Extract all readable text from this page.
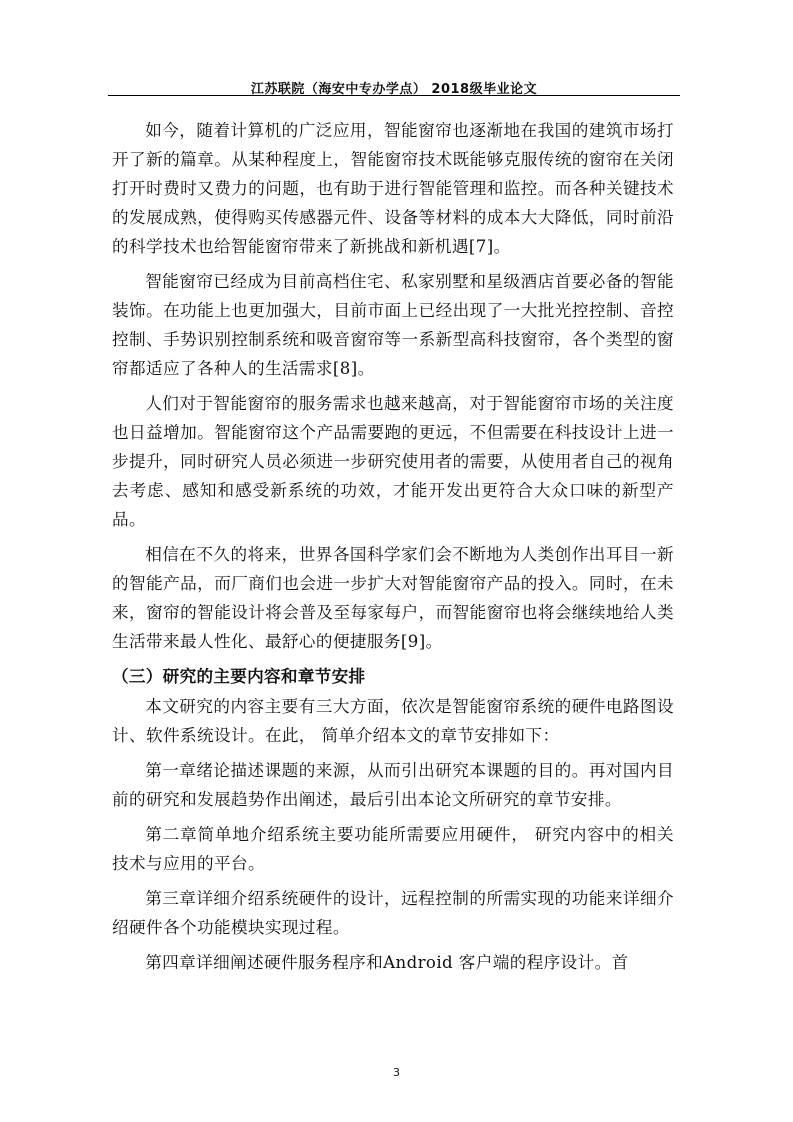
江苏联院（海安中专办学点） 2018级毕业论文

如今，随着计算机的广泛应用，智能窗帘也逐渐地在我国的建筑市场打开了新的篇章。从某种程度上，智能窗帘技术既能够克服传统的窗帘在关闭打开时费时又费力的问题，也有助于进行智能管理和监控。而各种关键技术的发展成熟，使得购买传感器元件、设备等材料的成本大大降低，同时前沿的科学技术也给智能窗帘带来了新挑战和新机遇[7]。

智能窗帘已经成为目前高档住宅、私家别墅和星级酒店首要必备的智能装饰。在功能上也更加强大，目前市面上已经出现了一大批光控控制、音控控制、手势识别控制系统和吸音窗帘等一系新型高科技窗帘，各个类型的窗帘都适应了各种人的生活需求[8]。

人们对于智能窗帘的服务需求也越来越高，对于智能窗帘市场的关注度也日益增加。智能窗帘这个产品需要跑的更远，不但需要在科技设计上进一步提升，同时研究人员必须进一步研究使用者的需要，从使用者自己的视角去考虑、感知和感受新系统的功效，才能开发出更符合大众口味的新型产品。

相信在不久的将来，世界各国科学家们会不断地为人类创作出耳目一新的智能产品，而厂商们也会进一步扩大对智能窗帘产品的投入。同时，在未来，窗帘的智能设计将会普及至每家每户，而智能窗帘也将会继续地给人类生活带来最人性化、最舒心的便捷服务[9]。

（三）研究的主要内容和章节安排

本文研究的内容主要有三大方面，依次是智能窗帘系统的硬件电路图设计、软件系统设计。在此， 简单介绍本文的章节安排如下：

第一章绪论描述课题的来源，从而引出研究本课题的目的。再对国内目前的研究和发展趋势作出阐述，最后引出本论文所研究的章节安排。

第二章简单地介绍系统主要功能所需要应用硬件， 研究内容中的相关技术与应用的平台。

第三章详细介绍系统硬件的设计，远程控制的所需实现的功能来详细介绍硬件各个功能模块实现过程。

第四章详细阐述硬件服务程序和Android 客户端的程序设计。首

3
